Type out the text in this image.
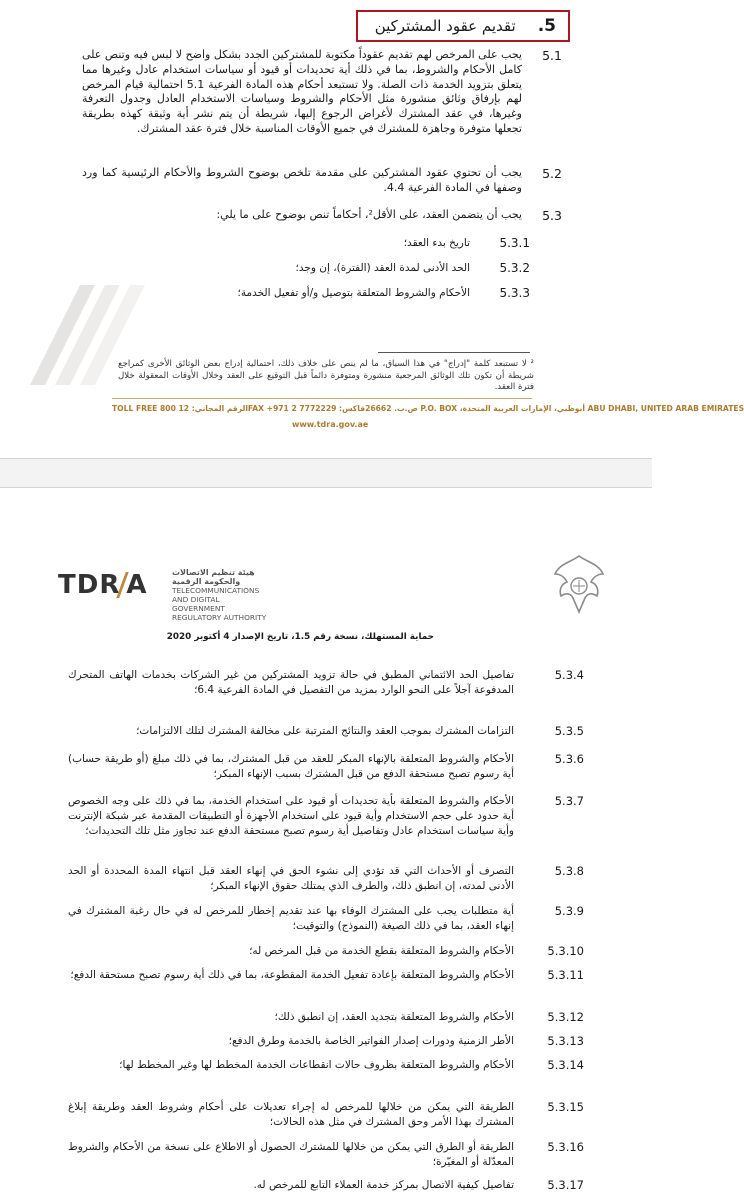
5.
تقديم عقود المشتركين
5.1
يجب على المرخص لهم تقديم عقوداً مكتوبة للمشتركين الجدد بشكل واضح لا لبس فيه وتنص على كامل الأحكام والشروط، بما في ذلك أية تحديدات أو قيود أو سياسات استخدام عادل وغيرها مما يتعلق بتزويد الخدمة ذات الصلة. ولا تستبعد أحكام هذه المادة الفرعية 5.1 احتمالية قيام المرخص لهم بإرفاق وثائق منشورة مثل الأحكام والشروط وسياسات الاستخدام العادل وجدول التعرفة وغيرها، في عقد المشترك لأغراض الرجوع إليها، شريطة أن يتم نشر أية وثيقة كهذه بطريقة تجعلها متوفرة وجاهزة للمشترك في جميع الأوقات المناسبة خلال فترة عقد المشترك.
5.2
يجب أن تحتوي عقود المشتركين على مقدمة تلخص بوضوح الشروط والأحكام الرئيسية كما ورد وصفها في المادة الفرعية 4.4.
5.3
يجب أن يتضمن العقد، على الأقل²، أحكاماً تنص بوضوح على ما يلي:
5.3.1
تاريخ بدء العقد؛
5.3.2
الحد الأدنى لمدة العقد (الفترة)، إن وجد؛
5.3.3
الأحكام والشروط المتعلقة بتوصيل و/أو تفعيل الخدمة؛
² لا تستبعد كلمة "إدراج" في هذا السياق، ما لم ينص على خلاف ذلك، احتمالية إدراج بعض الوثائق الأخرى كمراجع شريطة أن تكون تلك الوثائق المرجعية منشورة ومتوفرة دائماً قبل التوقيع على العقد وخلال الأوقات المعقولة خلال فترة العقد.
TOLL FREE 800 12 :الرقم المجاني FAX +971 2 7772229 :فاكس ص.ب. 26662 P.O. BOX ،أبوظبي، الإمارات العربية المتحدة ABU DHABI, UNITED ARAB EMIRATES
www.tdra.gov.ae
TDR A	هيئة تنظيم الاتصالات والحكومة الرقمية
TELECOMMUNICATIONS AND DIGITAL
GOVERNMENT REGULATORY AUTHORITY
حماية المستهلك، نسخة رقم 1.5، تاريخ الإصدار 4 أكتوبر 2020
5.3.4
تفاصيل الحد الائتماني المطبق في حالة تزويد المشتركين من غير الشركات بخدمات الهاتف المتحرك المدفوعة آجلاً على النحو الوارد بمزيد من التفصيل في المادة الفرعية 6.4؛
5.3.5
التزامات المشترك بموجب العقد والنتائج المترتبة على مخالفة المشترك لتلك الالتزامات؛
5.3.6
الأحكام والشروط المتعلقة بالإنهاء المبكر للعقد من قبل المشترك، بما في ذلك مبلغ (أو طريقة حساب) أية رسوم تصبح مستحقة الدفع من قبل المشترك بسبب الإنهاء المبكر؛
5.3.7
الأحكام والشروط المتعلقة بأية تحديدات أو قيود على استخدام الخدمة، بما في ذلك على وجه الخصوص أية حدود على حجم الاستخدام وأية قيود على استخدام الأجهزة أو التطبيقات المقدمة عبر شبكة الإنترنت وأية سياسات استخدام عادل وتفاصيل أية رسوم تصبح مستحقة الدفع عند تجاوز مثل تلك التحديدات؛
5.3.8
التصرف أو الأحداث التي قد تؤدي إلى نشوء الحق في إنهاء العقد قبل انتهاء المدة المحددة أو الحد الأدنى لمدته، إن انطبق ذلك، والطرف الذي يمتلك حقوق الإنهاء المبكر؛
5.3.9
أية متطلبات يجب على المشترك الوفاء بها عند تقديم إخطار للمرخص له في حال رغبة المشترك في إنهاء العقد، بما في ذلك الصيغة (النموذج) والتوقيت؛
5.3.10
الأحكام والشروط المتعلقة بقطع الخدمة من قبل المرخص له؛
5.3.11
الأحكام والشروط المتعلقة بإعادة تفعيل الخدمة المقطوعة، بما في ذلك أية رسوم تصبح مستحقة الدفع؛
5.3.12
الأحكام والشروط المتعلقة بتجديد العقد، إن انطبق ذلك؛
5.3.13
الأطر الزمنية ودورات إصدار الفواتير الخاصة بالخدمة وطرق الدفع؛
5.3.14
الأحكام والشروط المتعلقة بظروف حالات انقطاعات الخدمة المخطط لها وغير المخطط لها؛
5.3.15
الطريقة التي يمكن من خلالها للمرخص له إجراء تعديلات على أحكام وشروط العقد وطريقة إبلاغ المشترك بهذا الأمر وحق المشترك في مثل هذه الحالات؛
5.3.16
الطريقة أو الطرق التي يمكن من خلالها للمشترك الحصول أو الاطلاع على نسخة من الأحكام والشروط المعدّلة أو المغيّرة؛
5.3.17
تفاصيل كيفية الاتصال بمركز خدمة العملاء التابع للمرخص له.
